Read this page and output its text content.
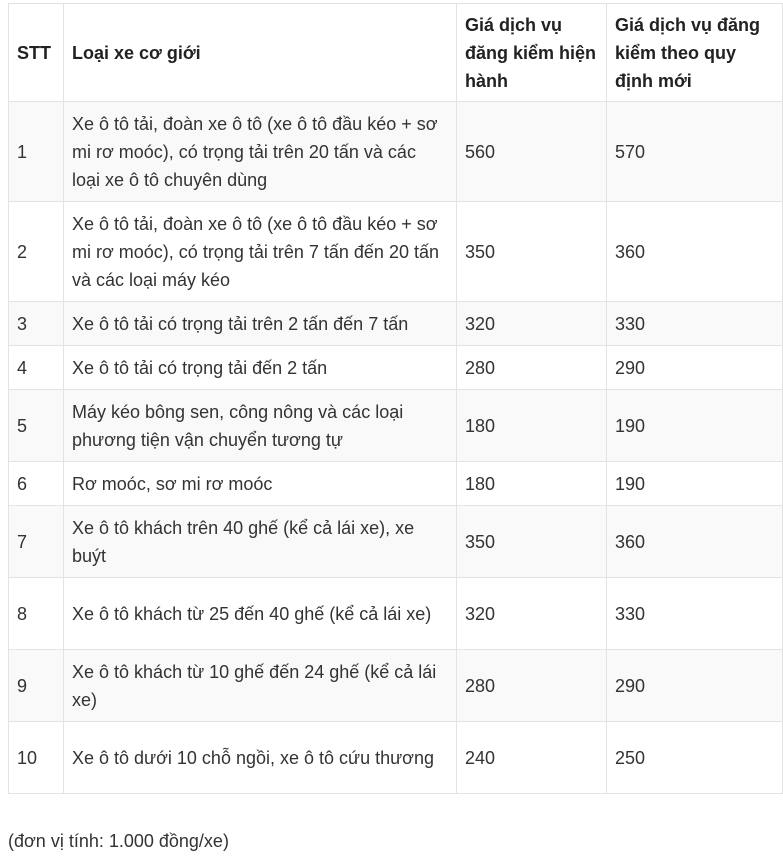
STT	Loại xe cơ giới	Giá dịch vụ đăng kiểm hiện hành	Giá dịch vụ đăng kiểm theo quy định mới
1	Xe ô tô tải, đoàn xe ô tô (xe ô tô đầu kéo + sơ mi rơ moóc), có trọng tải trên 20 tấn và các loại xe ô tô chuyên dùng	560	570
2	Xe ô tô tải, đoàn xe ô tô (xe ô tô đầu kéo + sơ mi rơ moóc), có trọng tải trên 7 tấn đến 20 tấn và các loại máy kéo	350	360
3	Xe ô tô tải có trọng tải trên 2 tấn đến 7 tấn	320	330
4	Xe ô tô tải có trọng tải đến 2 tấn	280	290
5	Máy kéo bông sen, công nông và các loại phương tiện vận chuyển tương tự	180	190
6	Rơ moóc, sơ mi rơ moóc	180	190
7	Xe ô tô khách trên 40 ghế (kể cả lái xe), xe buýt	350	360
8	Xe ô tô khách từ 25 đến 40 ghế (kể cả lái xe)	320	330
9	Xe ô tô khách từ 10 ghế đến 24 ghế (kể cả lái xe)	280	290
10	Xe ô tô dưới 10 chỗ ngồi, xe ô tô cứu thương	240	250
(đơn vị tính: 1.000 đồng/xe)
